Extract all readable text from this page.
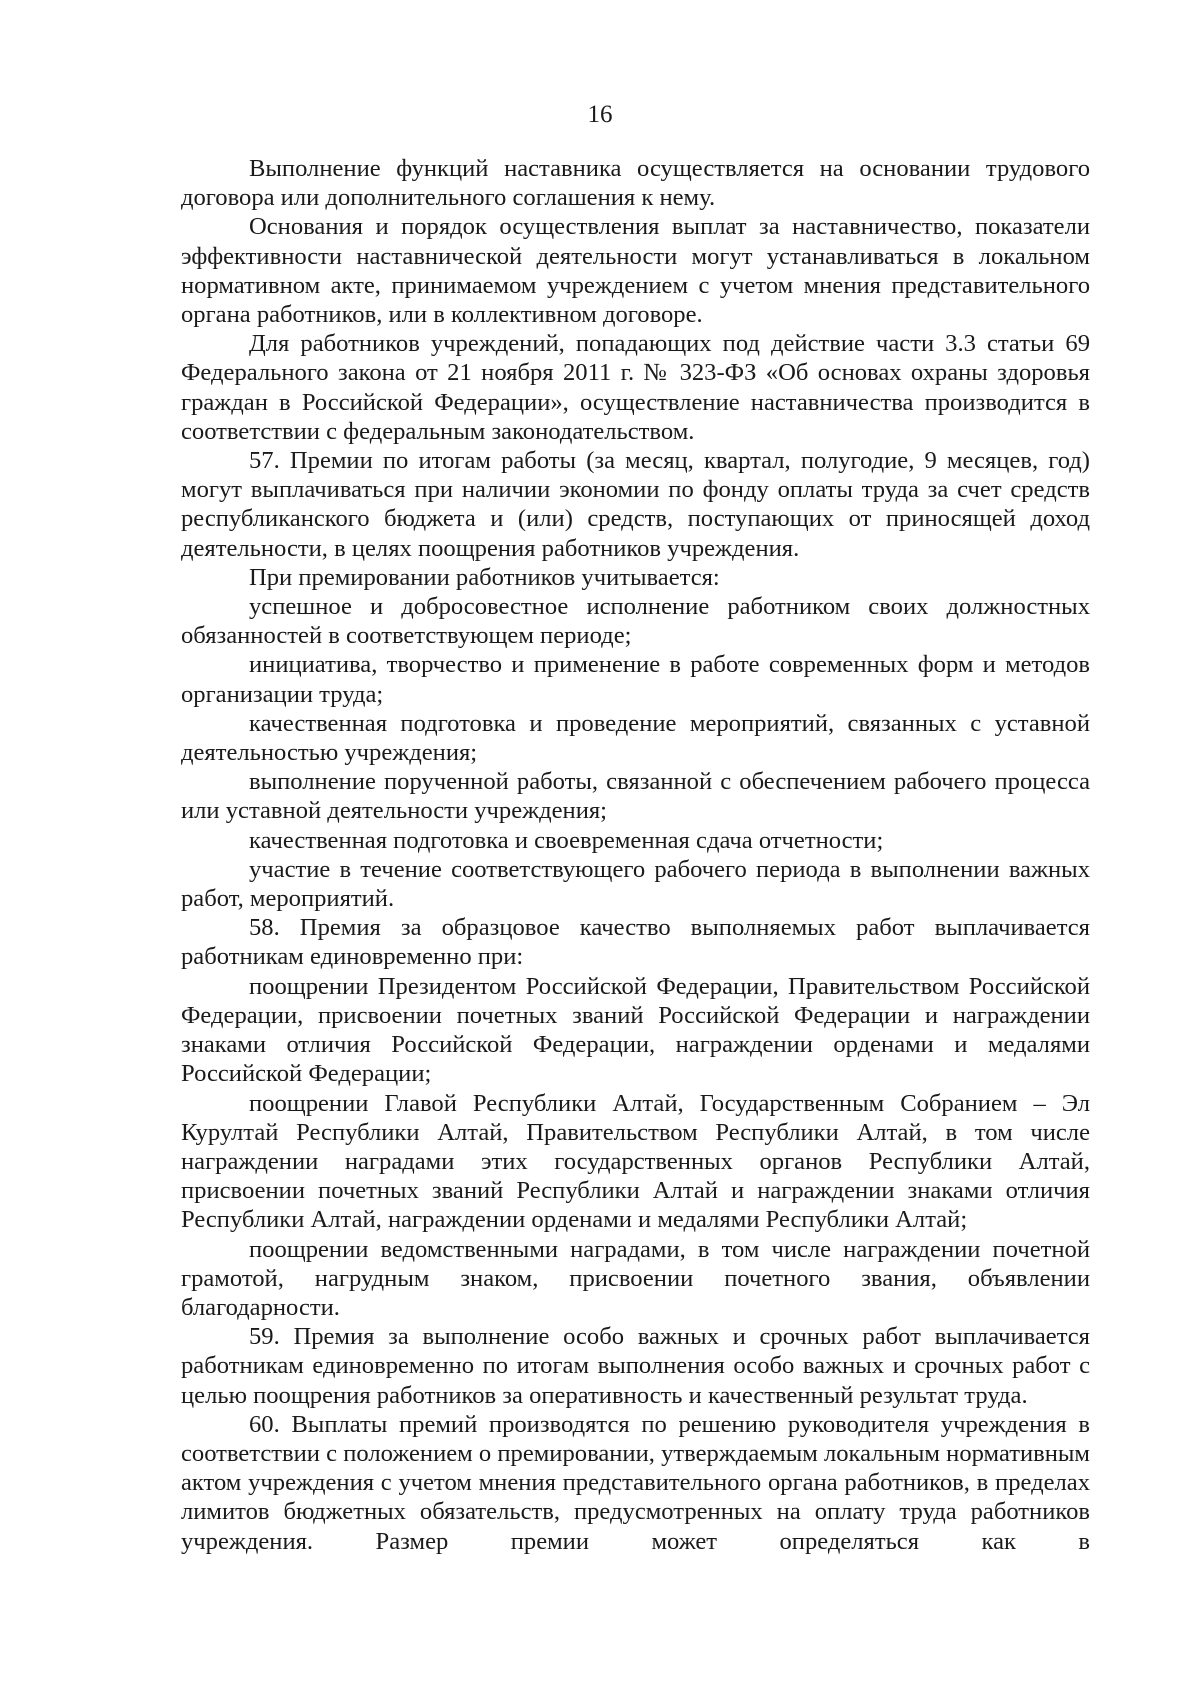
16

Выполнение функций наставника осуществляется на основании трудового договора или дополнительного соглашения к нему.

Основания и порядок осуществления выплат за наставничество, показатели эффективности наставнической деятельности могут устанавливаться в локальном нормативном акте, принимаемом учреждением с учетом мнения представительного органа работников, или в коллективном договоре.

Для работников учреждений, попадающих под действие части 3.3 статьи 69 Федерального закона от 21 ноября 2011 г. № 323-ФЗ «Об основах охраны здоровья граждан в Российской Федерации», осуществление наставничества производится в соответствии с федеральным законодательством.

57. Премии по итогам работы (за месяц, квартал, полугодие, 9 месяцев, год) могут выплачиваться при наличии экономии по фонду оплаты труда за счет средств республиканского бюджета и (или) средств, поступающих от приносящей доход деятельности, в целях поощрения работников учреждения.

При премировании работников учитывается:

успешное и добросовестное исполнение работником своих должностных обязанностей в соответствующем периоде;

инициатива, творчество и применение в работе современных форм и методов организации труда;

качественная подготовка и проведение мероприятий, связанных с уставной деятельностью учреждения;

выполнение порученной работы, связанной с обеспечением рабочего процесса или уставной деятельности учреждения;

качественная подготовка и своевременная сдача отчетности;

участие в течение соответствующего рабочего периода в выполнении важных работ, мероприятий.

58. Премия за образцовое качество выполняемых работ выплачивается работникам единовременно при:

поощрении Президентом Российской Федерации, Правительством Российской Федерации, присвоении почетных званий Российской Федерации и награждении знаками отличия Российской Федерации, награждении орденами и медалями Российской Федерации;

поощрении Главой Республики Алтай, Государственным Собранием – Эл Курултай Республики Алтай, Правительством Республики Алтай, в том числе награждении наградами этих государственных органов Республики Алтай, присвоении почетных званий Республики Алтай и награждении знаками отличия Республики Алтай, награждении орденами и медалями Республики Алтай;

поощрении ведомственными наградами, в том числе награждении почетной грамотой, нагрудным знаком, присвоении почетного звания, объявлении благодарности.

59. Премия за выполнение особо важных и срочных работ выплачивается работникам единовременно по итогам выполнения особо важных и срочных работ с целью поощрения работников за оперативность и качественный результат труда.

60. Выплаты премий производятся по решению руководителя учреждения в соответствии с положением о премировании, утверждаемым локальным нормативным актом учреждения с учетом мнения представительного органа работников, в пределах лимитов бюджетных обязательств, предусмотренных на оплату труда работников учреждения. Размер премии может определяться как в
